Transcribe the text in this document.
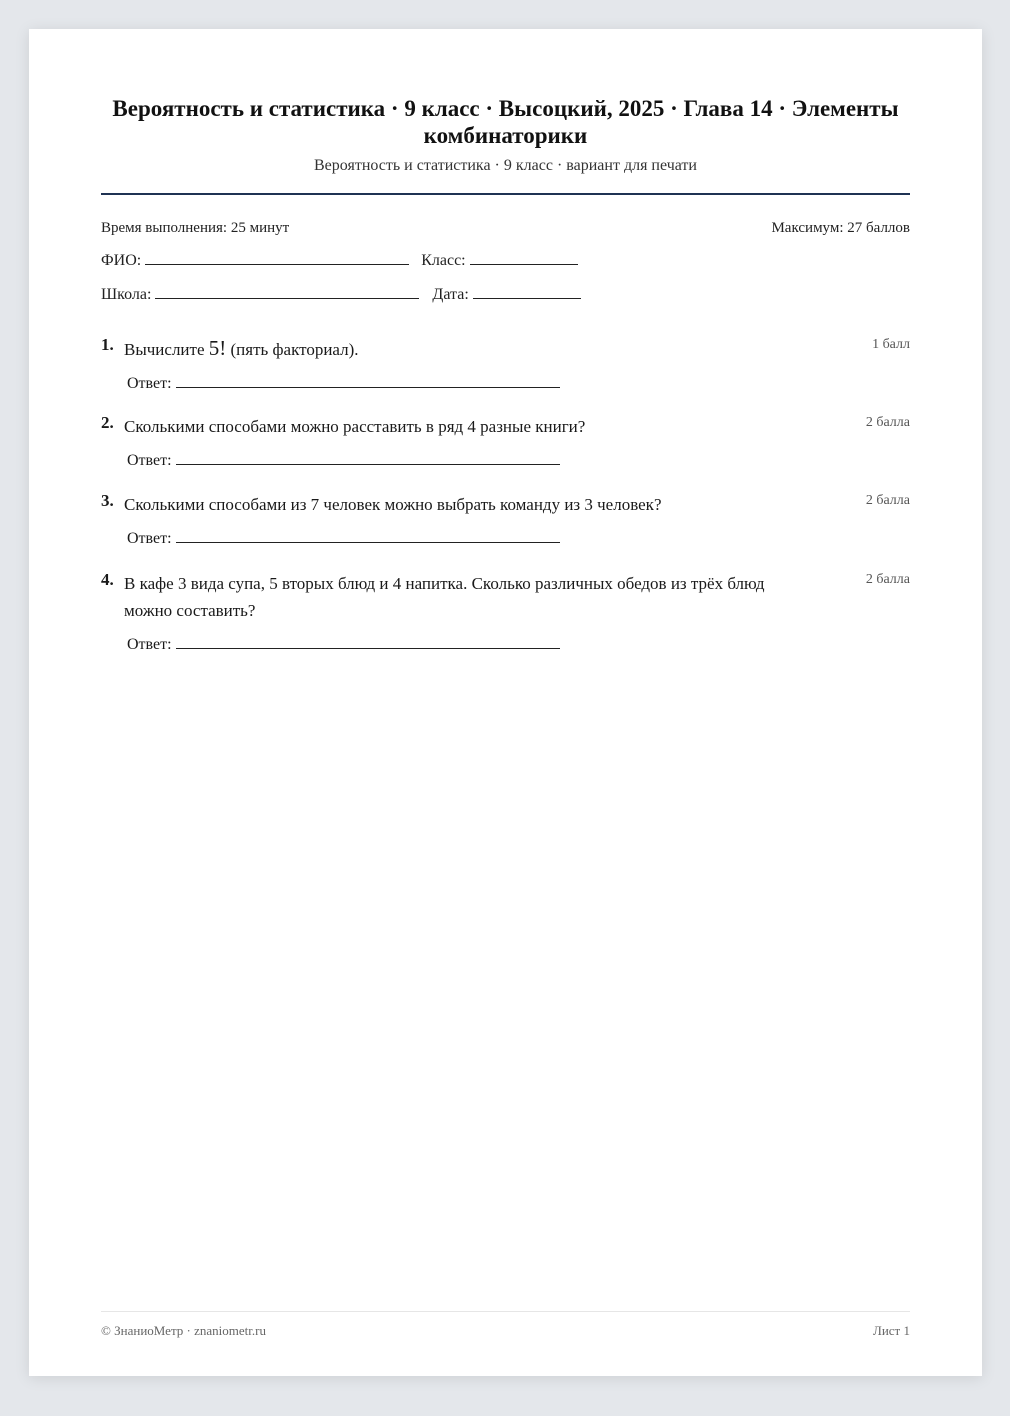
Вероятность и статистика · 9 класс · Высоцкий, 2025 · Глава 14 · Элементы комбинаторики
Вероятность и статистика · 9 класс · вариант для печати
Время выполнения: 25 минут	Максимум: 27 баллов
ФИО:	Класс:
Школа:	Дата:
1. Вычислите 5! (пять факториал).	1 балл
Ответ:
2. Сколькими способами можно расставить в ряд 4 разные книги?	2 балла
Ответ:
3. Сколькими способами из 7 человек можно выбрать команду из 3 человек?	2 балла
Ответ:
4. В кафе 3 вида супа, 5 вторых блюд и 4 напитка. Сколько различных обедов из трёх блюд можно составить?
2 балла
Ответ:
© ЗнаниоМетр · znaniometr.ru	Лист 1
